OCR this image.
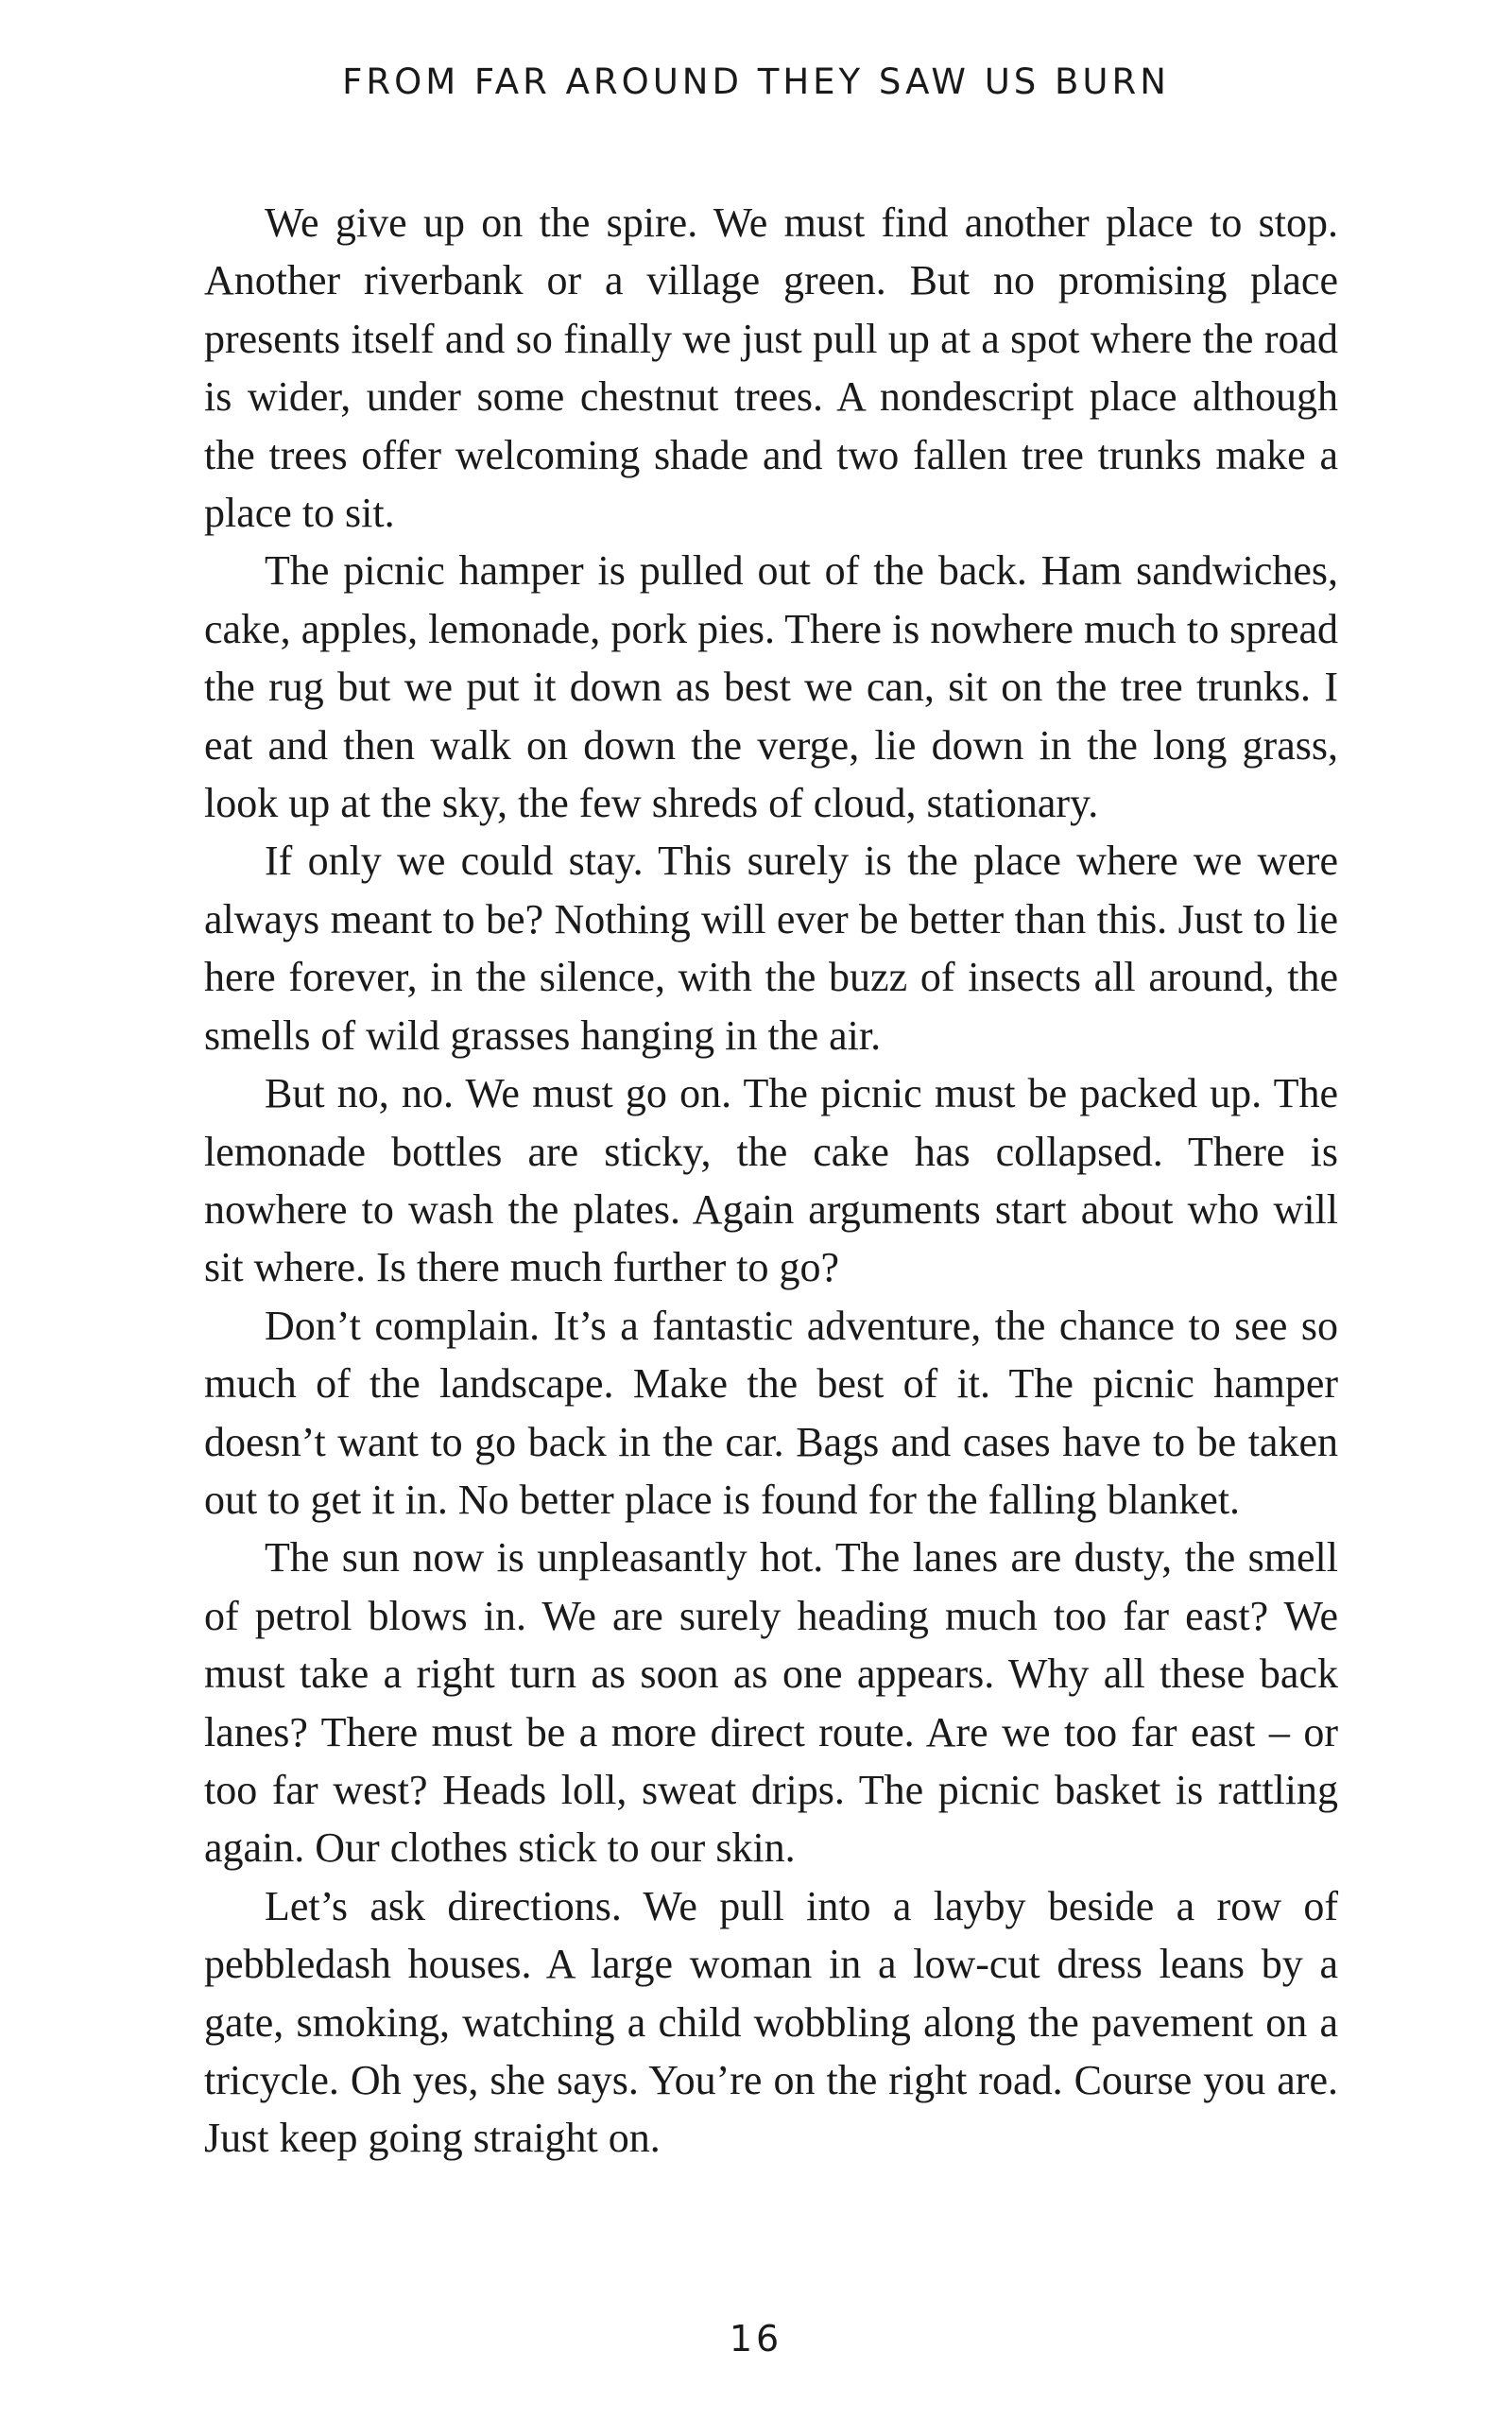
FROM FAR AROUND THEY SAW US BURN

We give up on the spire. We must find another place to stop. Another riverbank or a village green. But no promising place presents itself and so finally we just pull up at a spot where the road is wider, under some chestnut trees. A nondescript place although the trees offer welcoming shade and two fallen tree trunks make a place to sit.

The picnic hamper is pulled out of the back. Ham sandwiches, cake, apples, lemonade, pork pies. There is nowhere much to spread the rug but we put it down as best we can, sit on the tree trunks. I eat and then walk on down the verge, lie down in the long grass, look up at the sky, the few shreds of cloud, stationary.

If only we could stay. This surely is the place where we were always meant to be? Nothing will ever be better than this. Just to lie here forever, in the silence, with the buzz of insects all around, the smells of wild grasses hanging in the air.

But no, no. We must go on. The picnic must be packed up. The lemonade bottles are sticky, the cake has collapsed. There is nowhere to wash the plates. Again arguments start about who will sit where. Is there much further to go?

Don’t complain. It’s a fantastic adventure, the chance to see so much of the landscape. Make the best of it. The picnic hamper doesn’t want to go back in the car. Bags and cases have to be taken out to get it in. No better place is found for the falling blanket.

The sun now is unpleasantly hot. The lanes are dusty, the smell of petrol blows in. We are surely heading much too far east? We must take a right turn as soon as one appears. Why all these back lanes? There must be a more direct route. Are we too far east – or too far west? Heads loll, sweat drips. The picnic basket is rattling again. Our clothes stick to our skin.

Let’s ask directions. We pull into a layby beside a row of pebbledash houses. A large woman in a low-cut dress leans by a gate, smoking, watching a child wobbling along the pavement on a tricycle. Oh yes, she says. You’re on the right road. Course you are. Just keep going straight on.

16
